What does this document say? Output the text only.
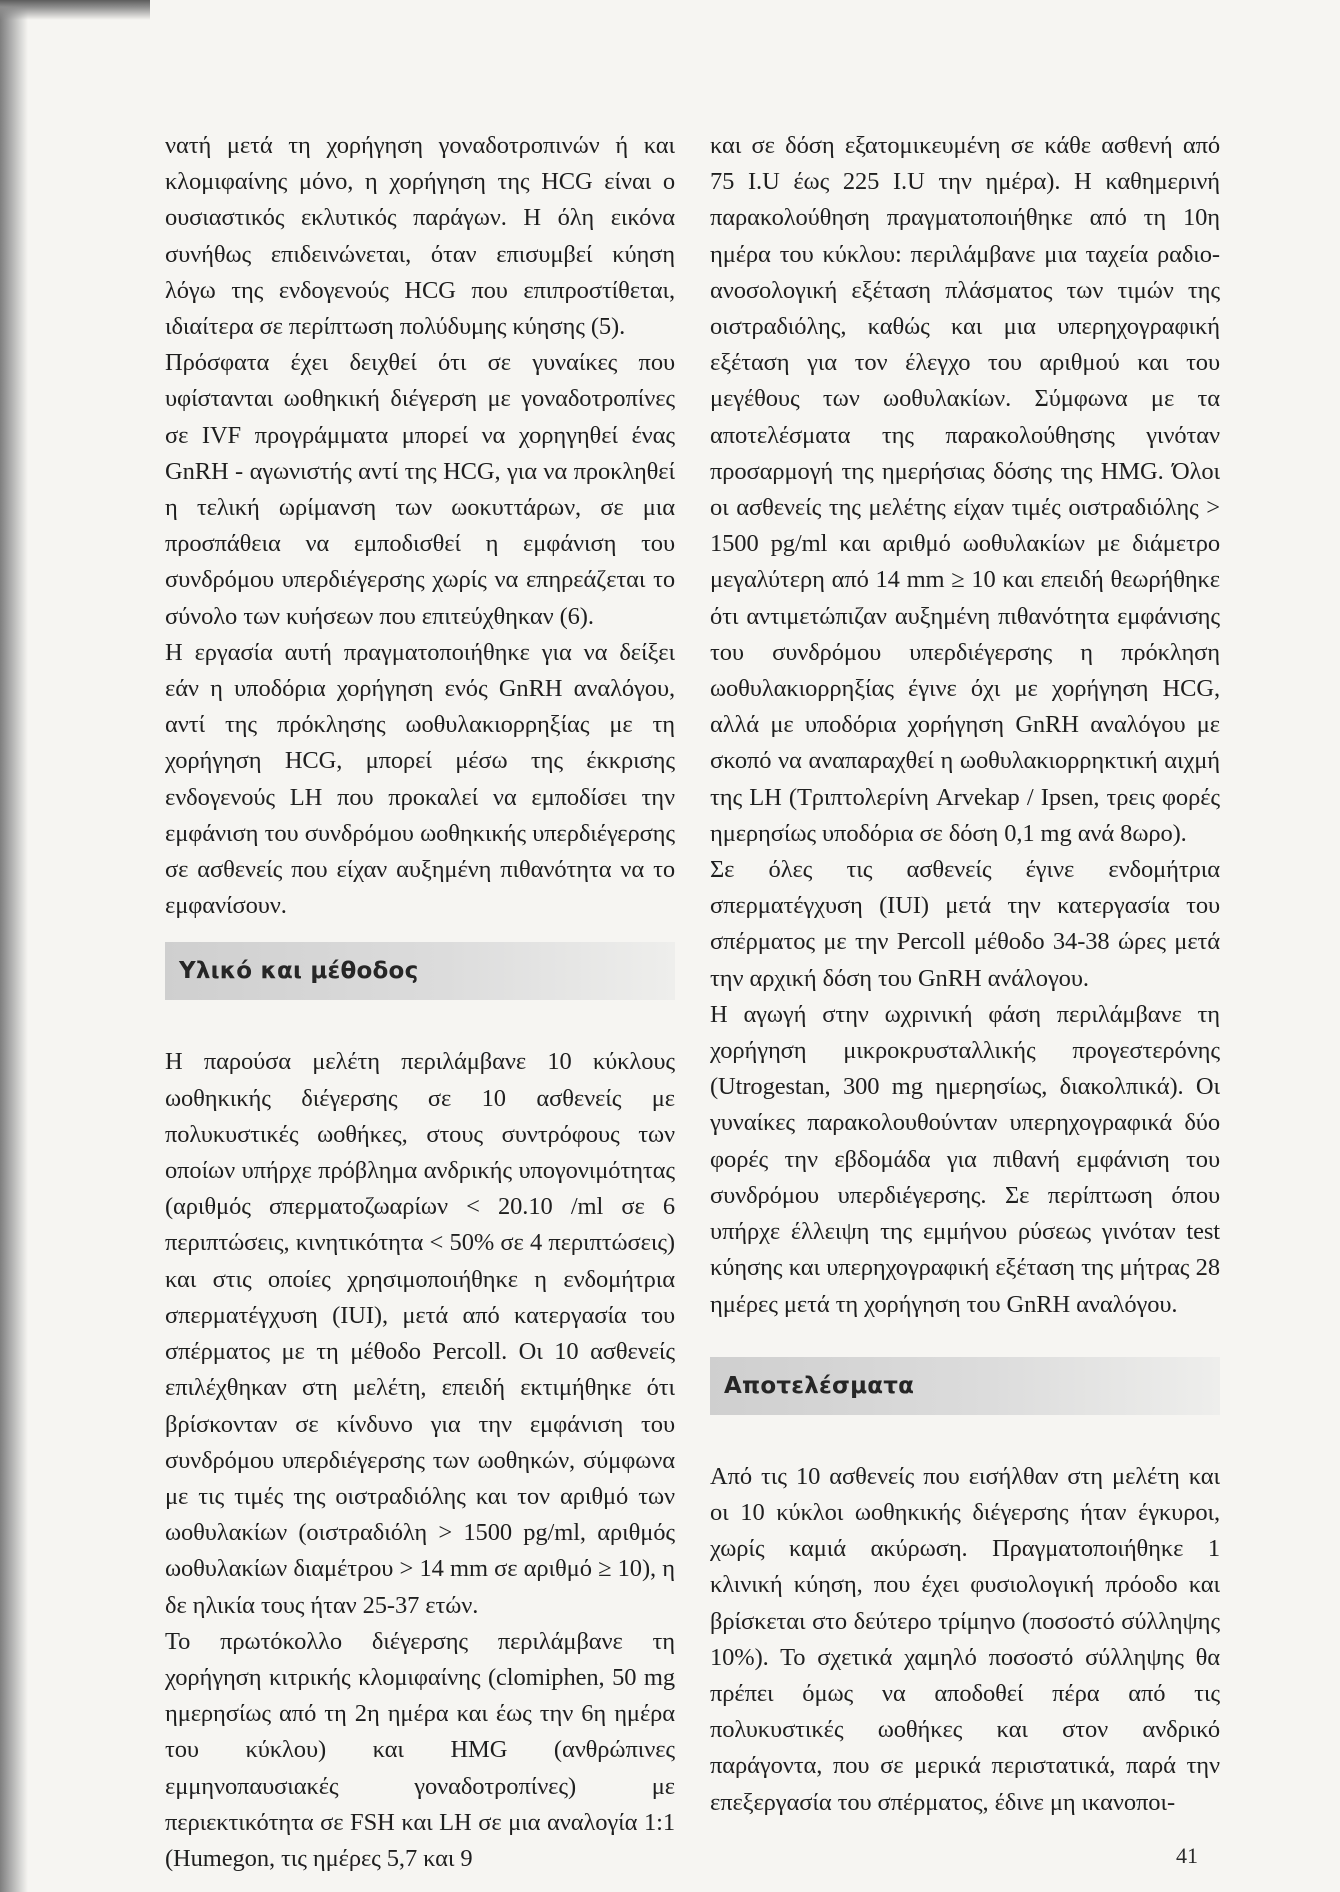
νατή μετά τη χορήγηση γοναδοτροπινών ή και κλομιφαίνης μόνο, η χορήγηση της HCG είναι ο ουσιαστικός εκλυτικός παράγων. Η όλη εικόνα συνήθως επιδεινώνεται, όταν επισυμβεί κύηση λόγω της ενδογενούς HCG που επιπροστίθεται, ιδιαίτερα σε περίπτωση πολύδυμης κύησης (5).

Πρόσφατα έχει δειχθεί ότι σε γυναίκες που υφίστανται ωοθηκική διέγερση με γοναδοτροπίνες σε IVF προγράμματα μπορεί να χορηγηθεί ένας GnRH - αγωνιστής αντί της HCG, για να προκληθεί η τελική ωρίμανση των ωοκυττάρων, σε μια προσπάθεια να εμποδισθεί η εμφάνιση του συνδρόμου υπερδιέγερσης χωρίς να επηρεάζεται το σύνολο των κυήσεων που επιτεύχθηκαν (6).

Η εργασία αυτή πραγματοποιήθηκε για να δείξει εάν η υποδόρια χορήγηση ενός GnRH αναλόγου, αντί της πρόκλησης ωοθυλακιορρηξίας με τη χορήγηση HCG, μπορεί μέσω της έκκρισης ενδογενούς LH που προκαλεί να εμποδίσει την εμφάνιση του συνδρόμου ωοθηκικής υπερδιέγερσης σε ασθενείς που είχαν αυξημένη πιθανότητα να το εμφανίσουν.

Υλικό και μέθοδος

Η παρούσα μελέτη περιλάμβανε 10 κύκλους ωοθηκικής διέγερσης σε 10 ασθενείς με πολυκυστικές ωοθήκες, στους συντρόφους των οποίων υπήρχε πρόβλημα ανδρικής υπογονιμότητας (αριθμός σπερματοζωαρίων < 20.10 /ml σε 6 περιπτώσεις, κινητικότητα < 50% σε 4 περιπτώσεις) και στις οποίες χρησιμοποιήθηκε η ενδομήτρια σπερματέγχυση (IUI), μετά από κατεργασία του σπέρματος με τη μέθοδο Percoll. Οι 10 ασθενείς επιλέχθηκαν στη μελέτη, επειδή εκτιμήθηκε ότι βρίσκονταν σε κίνδυνο για την εμφάνιση του συνδρόμου υπερδιέγερσης των ωοθηκών, σύμφωνα με τις τιμές της οιστραδιόλης και τον αριθμό των ωοθυλακίων (οιστραδιόλη > 1500 pg/ml, αριθμός ωοθυλακίων διαμέτρου > 14 mm σε αριθμό ≥ 10), η δε ηλικία τους ήταν 25-37 ετών.

Το πρωτόκολλο διέγερσης περιλάμβανε τη χορήγηση κιτρικής κλομιφαίνης (clomiphen, 50 mg ημερησίως από τη 2η ημέρα και έως την 6η ημέρα του κύκλου) και HMG (ανθρώπινες εμμηνοπαυσιακές γοναδοτροπίνες) με περιεκτικότητα σε FSH και LH σε μια αναλογία 1:1 (Humegon, τις ημέρες 5,7 και 9

και σε δόση εξατομικευμένη σε κάθε ασθενή από 75 I.U έως 225 I.U την ημέρα). Η καθημερινή παρακολούθηση πραγματοποιήθηκε από τη 10η ημέρα του κύκλου: περιλάμβανε μια ταχεία ραδιο-ανοσολογική εξέταση πλάσματος των τιμών της οιστραδιόλης, καθώς και μια υπερηχογραφική εξέταση για τον έλεγχο του αριθμού και του μεγέθους των ωοθυλακίων. Σύμφωνα με τα αποτελέσματα της παρακολούθησης γινόταν προσαρμογή της ημερήσιας δόσης της HMG. Όλοι οι ασθενείς της μελέτης είχαν τιμές οιστραδιόλης > 1500 pg/ml και αριθμό ωοθυλακίων με διάμετρο μεγαλύτερη από 14 mm ≥ 10 και επειδή θεωρήθηκε ότι αντιμετώπιζαν αυξημένη πιθανότητα εμφάνισης του συνδρόμου υπερδιέγερσης η πρόκληση ωοθυλακιορρηξίας έγινε όχι με χορήγηση HCG, αλλά με υποδόρια χορήγηση GnRH αναλόγου με σκοπό να αναπαραχθεί η ωοθυλακιορρηκτική αιχμή της LH (Τριπτολερίνη Arvekap / Ipsen, τρεις φορές ημερησίως υποδόρια σε δόση 0,1 mg ανά 8ωρο).

Σε όλες τις ασθενείς έγινε ενδομήτρια σπερματέγχυση (IUI) μετά την κατεργασία του σπέρματος με την Percoll μέθοδο 34-38 ώρες μετά την αρχική δόση του GnRH ανάλογου.

Η αγωγή στην ωχρινική φάση περιλάμβανε τη χορήγηση μικροκρυσταλλικής προγεστερόνης (Utrogestan, 300 mg ημερησίως, διακολπικά). Οι γυναίκες παρακολουθούνταν υπερηχογραφικά δύο φορές την εβδομάδα για πιθανή εμφάνιση του συνδρόμου υπερδιέγερσης. Σε περίπτωση όπου υπήρχε έλλειψη της εμμήνου ρύσεως γινόταν test κύησης και υπερηχογραφική εξέταση της μήτρας 28 ημέρες μετά τη χορήγηση του GnRH αναλόγου.

Αποτελέσματα

Από τις 10 ασθενείς που εισήλθαν στη μελέτη και οι 10 κύκλοι ωοθηκικής διέγερσης ήταν έγκυροι, χωρίς καμιά ακύρωση. Πραγματοποιήθηκε 1 κλινική κύηση, που έχει φυσιολογική πρόοδο και βρίσκεται στο δεύτερο τρίμηνο (ποσοστό σύλληψης 10%). Το σχετικά χαμηλό ποσοστό σύλληψης θα πρέπει όμως να αποδοθεί πέρα από τις πολυκυστικές ωοθήκες και στον ανδρικό παράγοντα, που σε μερικά περιστατικά, παρά την επεξεργασία του σπέρματος, έδινε μη ικανοποι-

41
